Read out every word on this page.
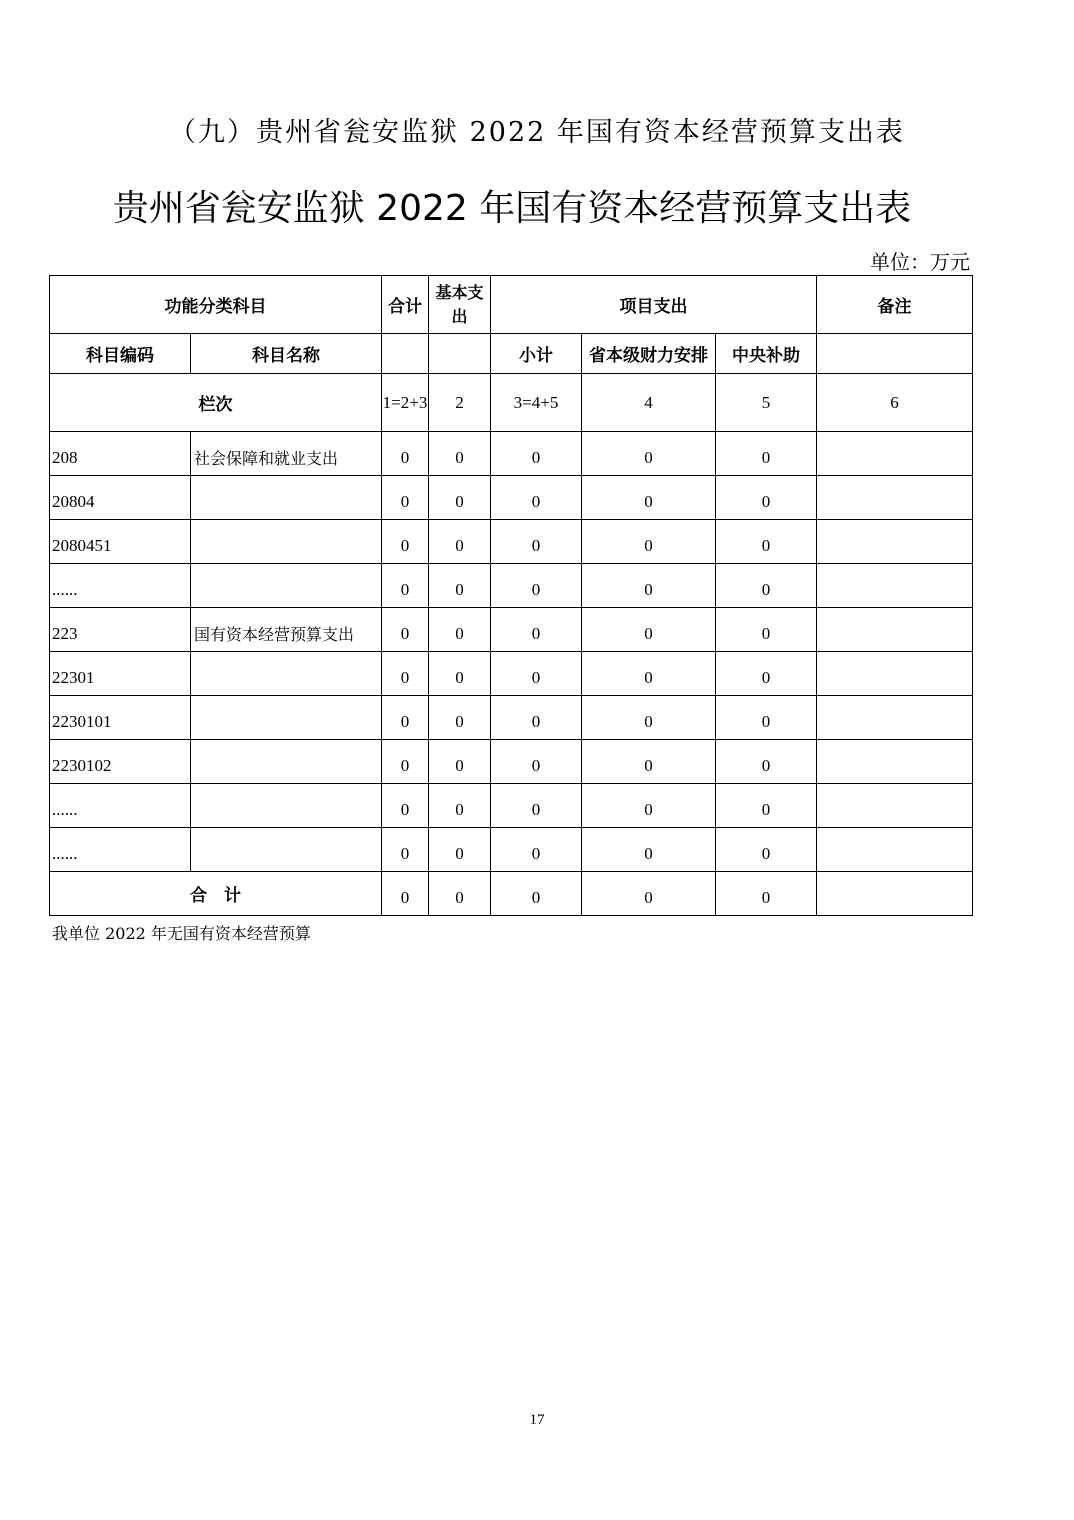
（九）贵州省瓮安监狱 2022 年国有资本经营预算支出表
贵州省瓮安监狱 2022 年国有资本经营预算支出表
单位：万元
功能分类科目		合计	基本支出	项目支出			备注
科目编码	科目名称			小计	省本级财力安排	中央补助	
栏次		1=2+3	2	3=4+5	4	5	6
208	社会保障和就业支出	0	0	0	0	0	
20804		0	0	0	0	0	
2080451		0	0	0	0	0	
......		0	0	0	0	0	
223	国有资本经营预算支出	0	0	0	0	0	
22301		0	0	0	0	0	
2230101		0	0	0	0	0	
2230102		0	0	0	0	0	
......		0	0	0	0	0	
......		0	0	0	0	0	
合　计		0	0	0	0	0	
我单位 2022 年无国有资本经营预算
17
